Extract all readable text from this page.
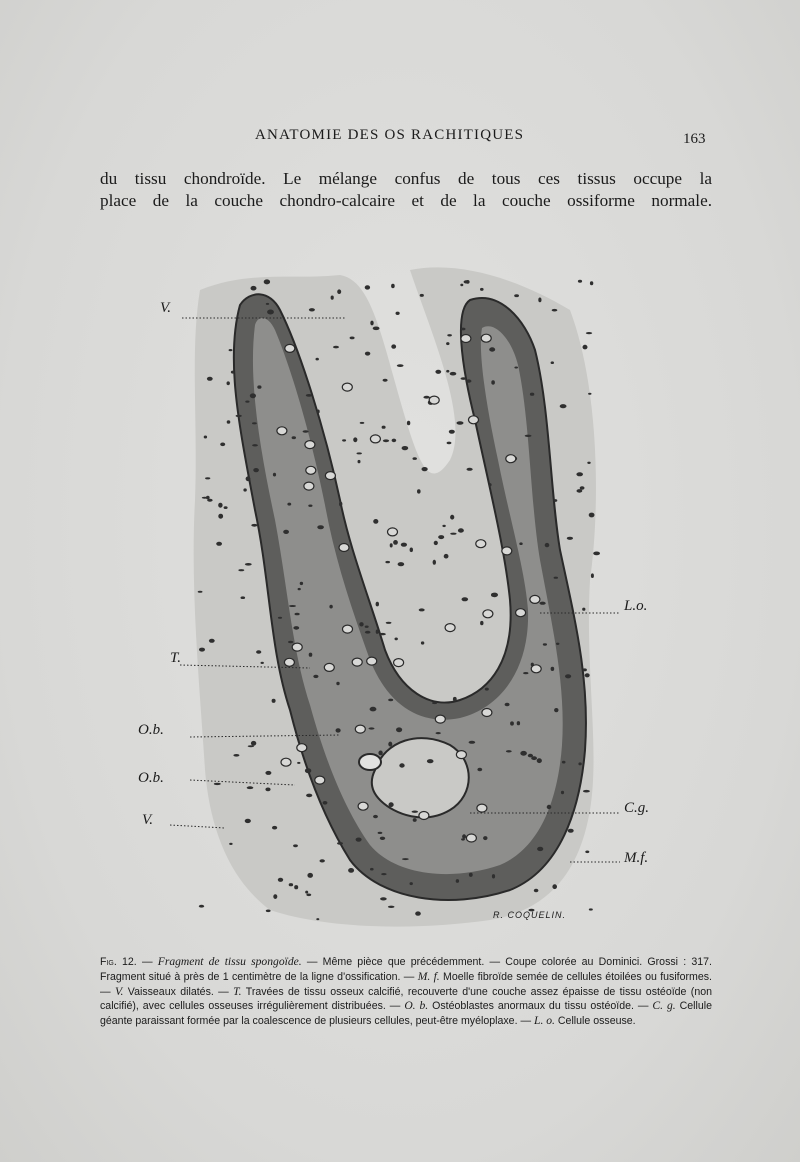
ANATOMIE DES OS RACHITIQUES	163
du tissu chondroïde. Le mélange confus de tous ces tissus occupe la
place de la couche chondro-calcaire et de la couche ossiforme normale.
V.
T.
O.b.
O.b.
V.
L.o.
C.g.
M.f.
R. COQUELIN.
Fig. 12. — Fragment de tissu spongoïde. — Même pièce que précédemment. — Coupe colorée au Dominici. Grossi : 317. Fragment situé à près de 1 centimètre de la ligne d'ossification. — M. f. Moelle fibroïde semée de cellules étoilées ou fusiformes. — V. Vaisseaux dilatés. — T. Travées de tissu osseux calcifié, recouverte d'une couche assez épaisse de tissu ostéoïde (non calcifié), avec cellules osseuses irrégulièrement distribuées. — O. b. Ostéoblastes anormaux du tissu ostéoïde. — C. g. Cellule géante paraissant formée par la coalescence de plusieurs cellules, peut-être myéloplaxe. — L. o. Cellule osseuse.
